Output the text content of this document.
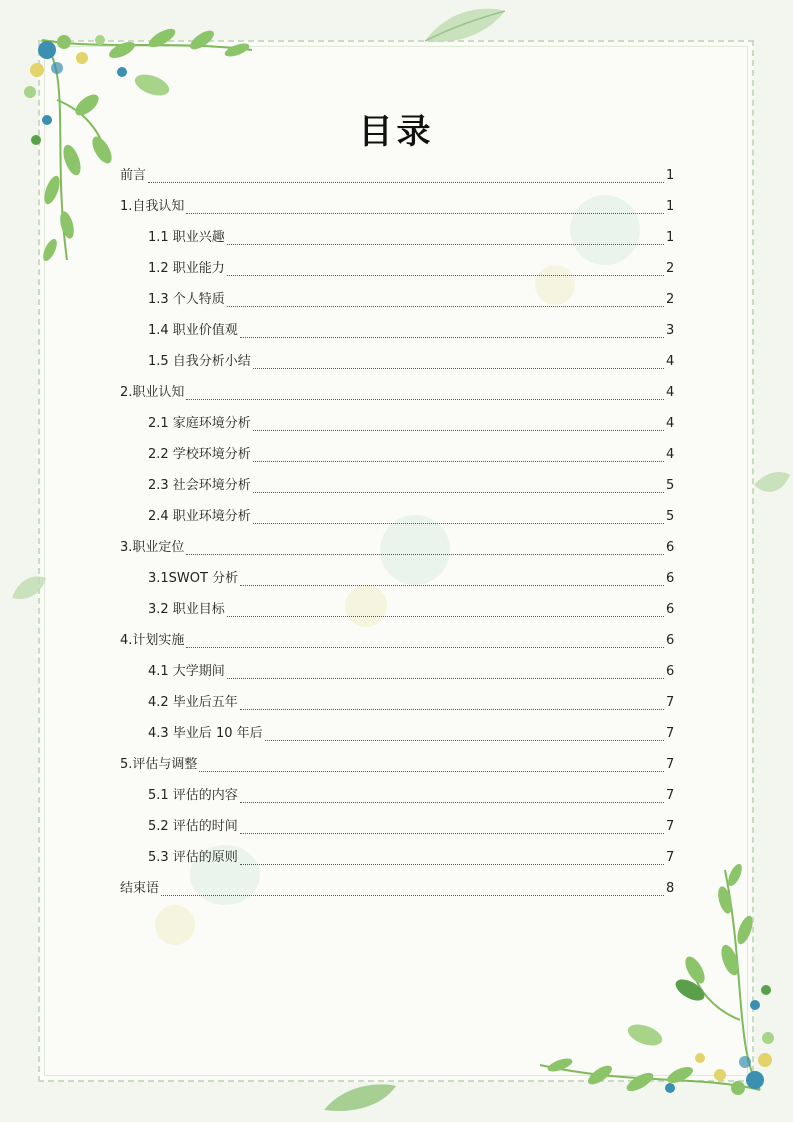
目录
前言	1
1.自我认知	1
1.1 职业兴趣	1
1.2 职业能力	2
1.3 个人特质	2
1.4 职业价值观	3
1.5 自我分析小结	4
2.职业认知	4
2.1 家庭环境分析	4
2.2 学校环境分析	4
2.3 社会环境分析	5
2.4 职业环境分析	5
3.职业定位	6
3.1SWOT 分析	6
3.2 职业目标	6
4.计划实施	6
4.1 大学期间	6
4.2 毕业后五年	7
4.3 毕业后 10 年后	7
5.评估与调整	7
5.1 评估的内容	7
5.2 评估的时间	7
5.3 评估的原则	7
结束语	8
